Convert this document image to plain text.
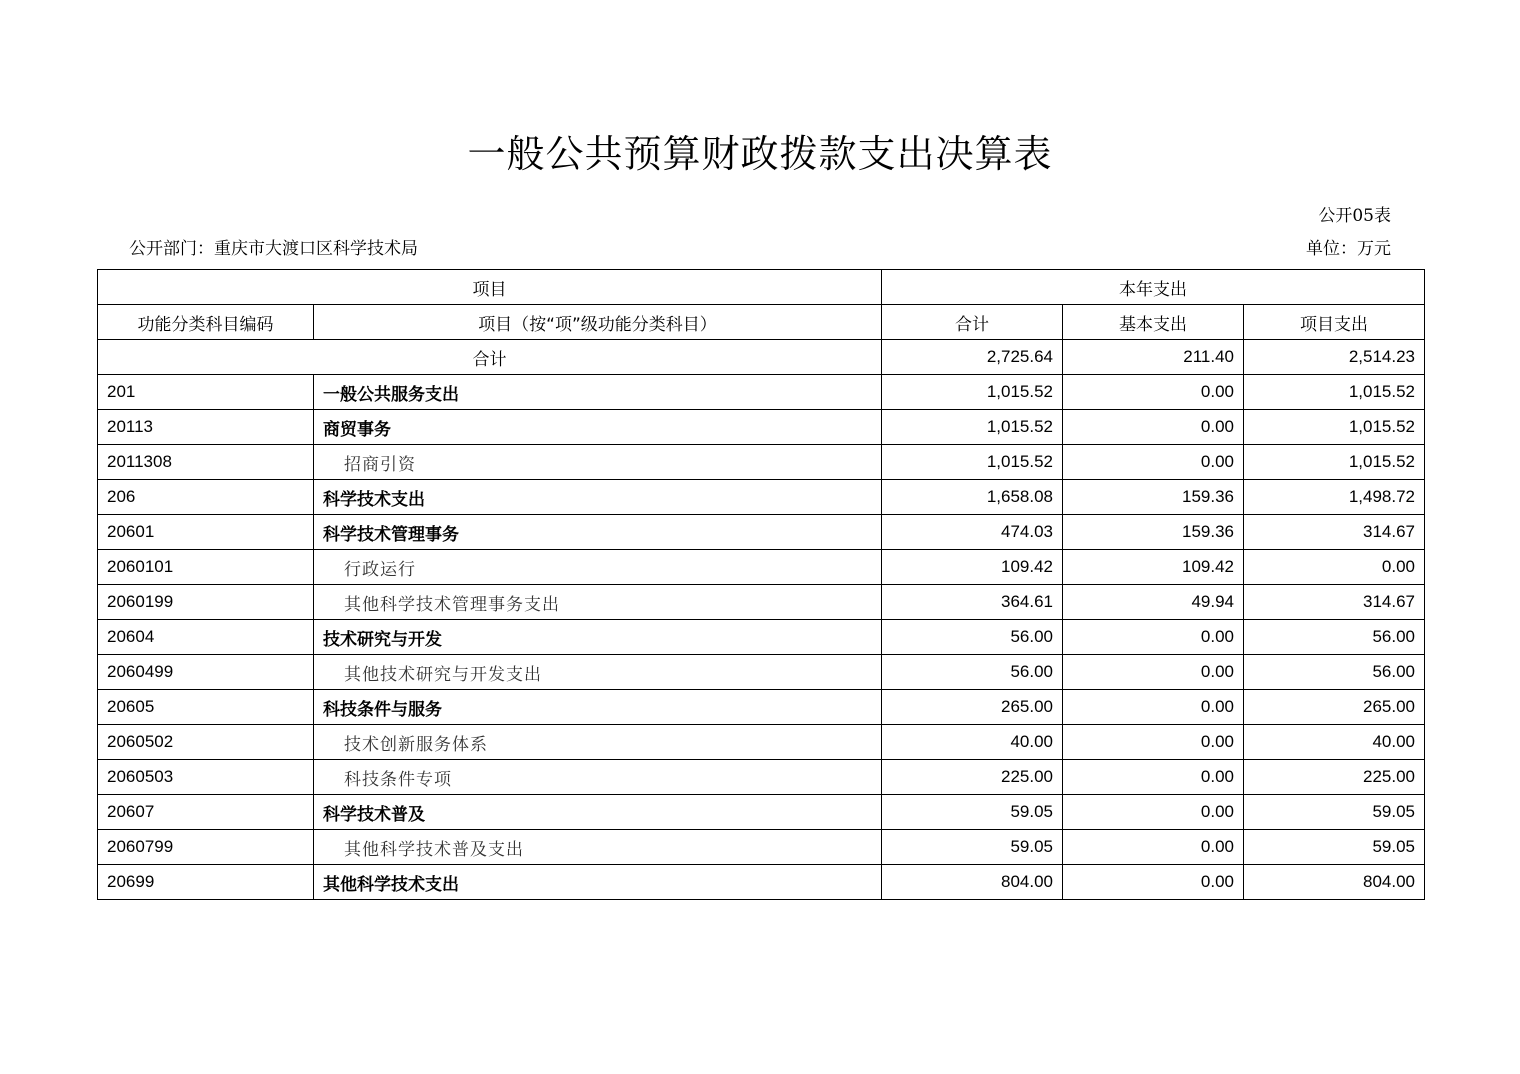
一般公共预算财政拨款支出决算表
公开05表
公开部门：重庆市大渡口区科学技术局	单位：万元
项目		本年支出		
功能分类科目编码	项目（按“项”级功能分类科目）	合计	基本支出	项目支出
合计		2,725.64	211.40	2,514.23
201	一般公共服务支出	1,015.52	0.00	1,015.52
20113	商贸事务	1,015.52	0.00	1,015.52
2011308	招商引资	1,015.52	0.00	1,015.52
206	科学技术支出	1,658.08	159.36	1,498.72
20601	科学技术管理事务	474.03	159.36	314.67
2060101	行政运行	109.42	109.42	0.00
2060199	其他科学技术管理事务支出	364.61	49.94	314.67
20604	技术研究与开发	56.00	0.00	56.00
2060499	其他技术研究与开发支出	56.00	0.00	56.00
20605	科技条件与服务	265.00	0.00	265.00
2060502	技术创新服务体系	40.00	0.00	40.00
2060503	科技条件专项	225.00	0.00	225.00
20607	科学技术普及	59.05	0.00	59.05
2060799	其他科学技术普及支出	59.05	0.00	59.05
20699	其他科学技术支出	804.00	0.00	804.00
